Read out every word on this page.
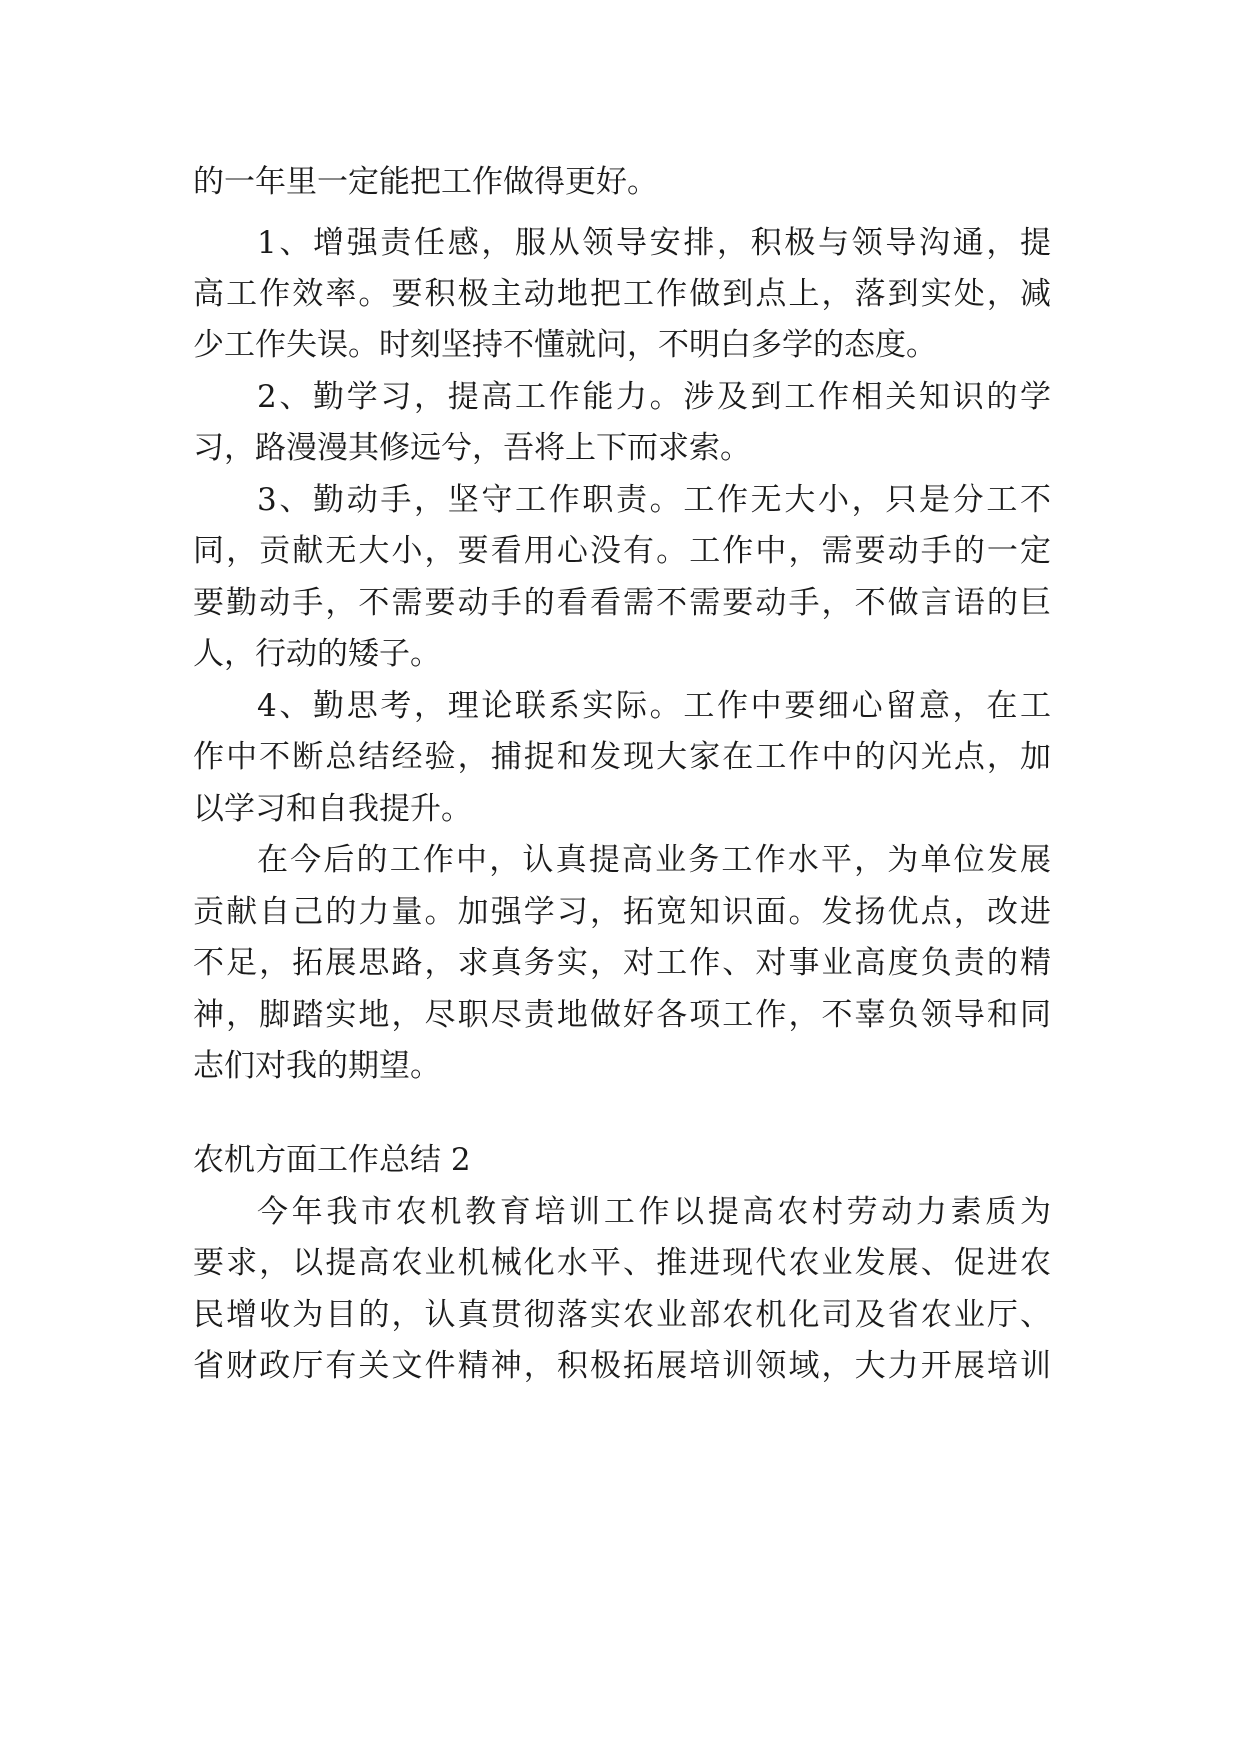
的一年里一定能把工作做得更好。

1、增强责任感，服从领导安排，积极与领导沟通，提

高工作效率。要积极主动地把工作做到点上，落到实处，减

少工作失误。时刻坚持不懂就问，不明白多学的态度。

2、勤学习，提高工作能力。涉及到工作相关知识的学

习，路漫漫其修远兮，吾将上下而求索。

3、勤动手，坚守工作职责。工作无大小，只是分工不

同，贡献无大小，要看用心没有。工作中，需要动手的一定

要勤动手，不需要动手的看看需不需要动手，不做言语的巨

人，行动的矮子。

4、勤思考，理论联系实际。工作中要细心留意，在工

作中不断总结经验，捕捉和发现大家在工作中的闪光点，加

以学习和自我提升。

在今后的工作中，认真提高业务工作水平，为单位发展

贡献自己的力量。加强学习，拓宽知识面。发扬优点，改进

不足，拓展思路，求真务实，对工作、对事业高度负责的精

神，脚踏实地，尽职尽责地做好各项工作，不辜负领导和同

志们对我的期望。

农机方面工作总结 2

今年我市农机教育培训工作以提高农村劳动力素质为

要求，以提高农业机械化水平、推进现代农业发展、促进农

民增收为目的，认真贯彻落实农业部农机化司及省农业厅、

省财政厅有关文件精神，积极拓展培训领域，大力开展培训
